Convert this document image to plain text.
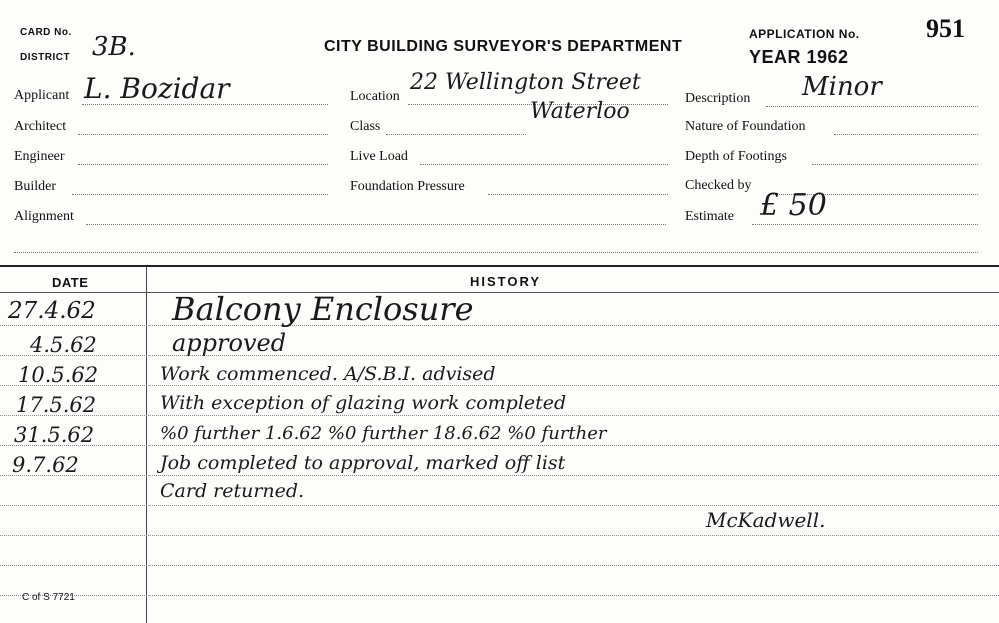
CARD No.
DISTRICT 3B.	CITY BUILDING SURVEYOR'S DEPARTMENT
APPLICATION No.	951
YEAR 1962
Applicant L. Bozidar
Architect
Engineer
Builder
Alignment
Location
22 Wellington Street
Waterloo
Class
Live Load
Foundation Pressure
Description Minor
Nature of Foundation
Depth of Footings
Checked by
Estimate £ 50
DATE	HISTORY
27.4.62 Balcony Enclosure
4.5.62	approved
10.5.62	Work commenced. A/S.B.I. advised
17.5.62	With exception of glazing work completed
31.5.62	%0 further 1.6.62 %0 further 18.6.62 %0 further
9.7.62	Job completed to approval, marked off list
Card returned.
McKadwell.
C of S 7721
